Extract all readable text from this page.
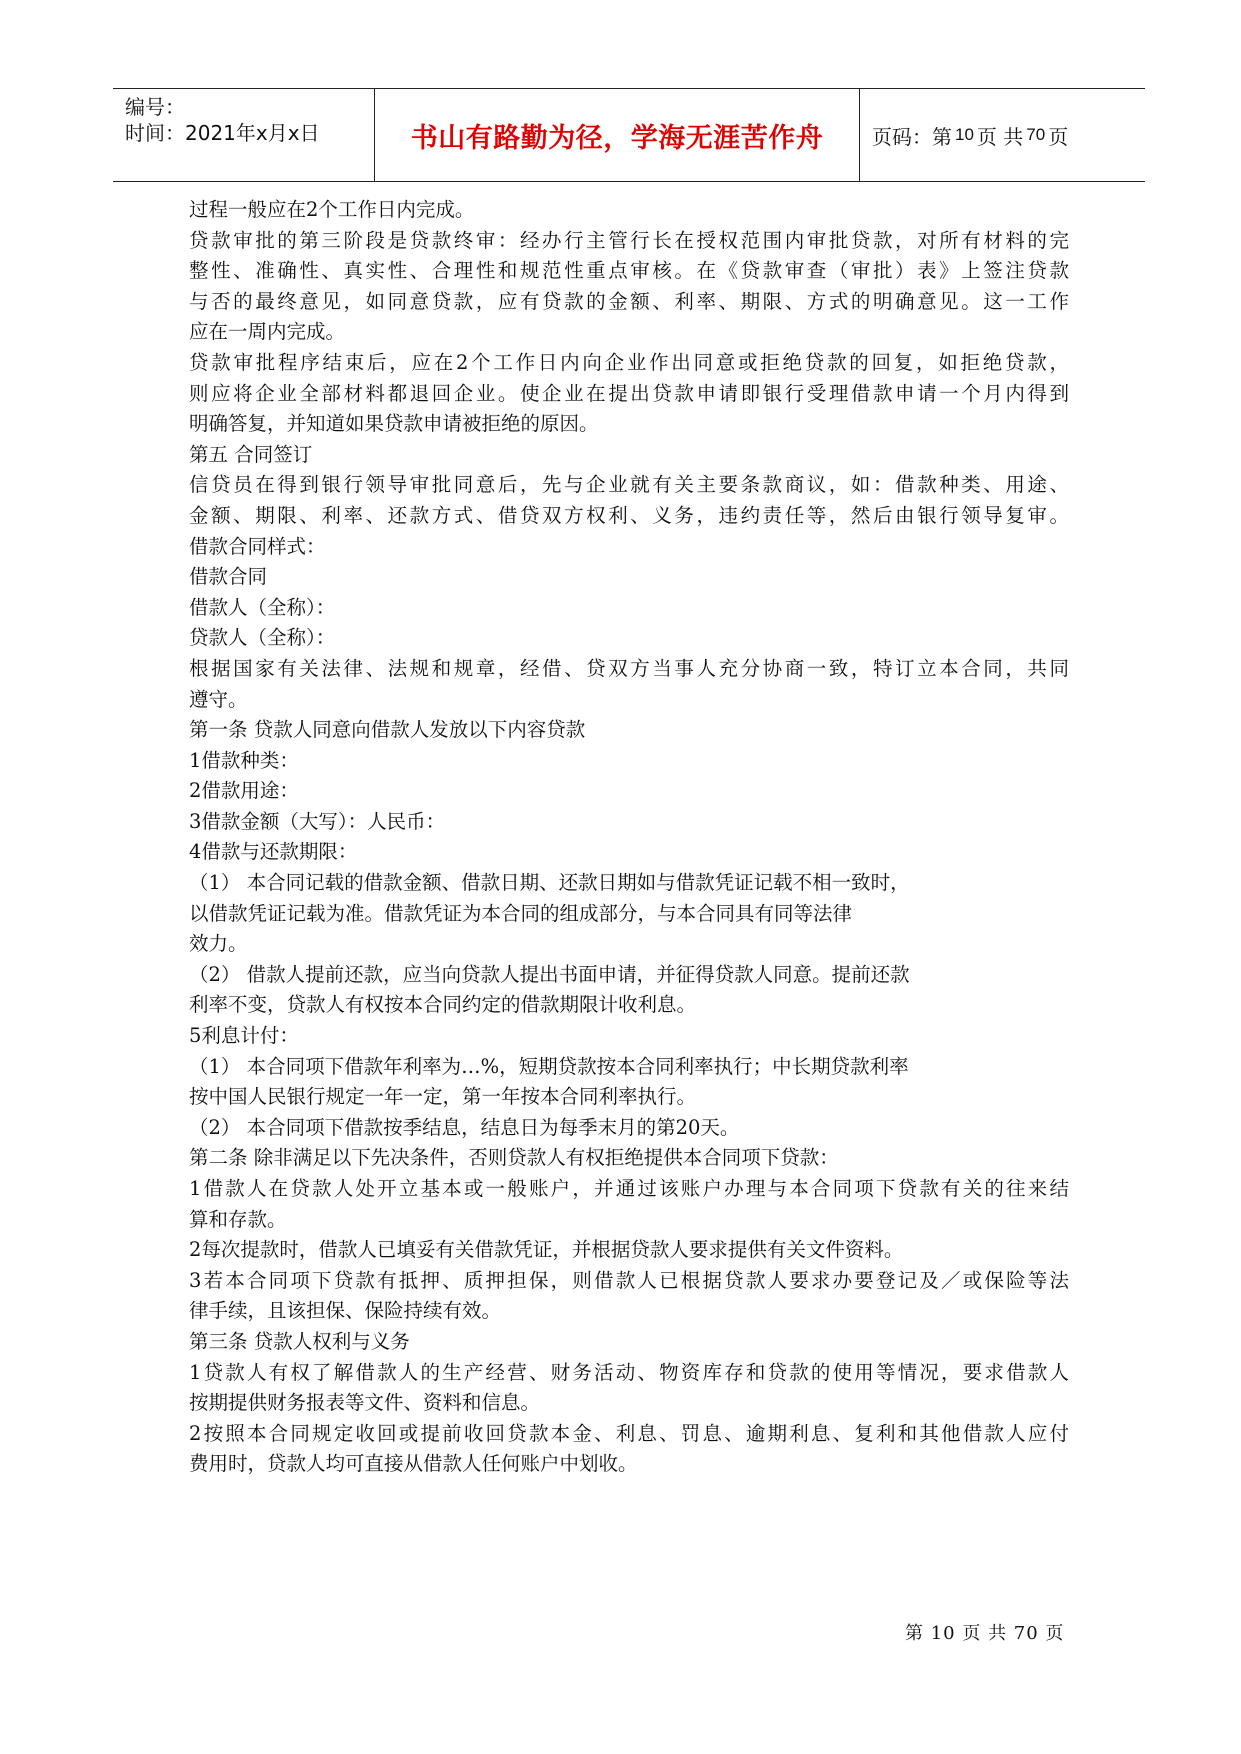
编号：
时间：2021年x月x日	书山有路勤为径，学海无涯苦作舟 页码：第 10 页 共 70 页
过程一般应在2个工作日内完成。
贷款审批的第三阶段是贷款终审：经办行主管行长在授权范围内审批贷款，对所有材料的完
整性、准确性、真实性、合理性和规范性重点审核。在《贷款审查（审批）表》上签注贷款
与否的最终意见，如同意贷款，应有贷款的金额、利率、期限、方式的明确意见。这一工作
应在一周内完成。
贷款审批程序结束后，应在2个工作日内向企业作出同意或拒绝贷款的回复，如拒绝贷款，
则应将企业全部材料都退回企业。使企业在提出贷款申请即银行受理借款申请一个月内得到
明确答复，并知道如果贷款申请被拒绝的原因。
第五 合同签订
信贷员在得到银行领导审批同意后，先与企业就有关主要条款商议，如：借款种类、用途、
金额、期限、利率、还款方式、借贷双方权利、义务，违约责任等，然后由银行领导复审。
借款合同样式：
借款合同
借款人（全称）：
贷款人（全称）：
根据国家有关法律、法规和规章，经借、贷双方当事人充分协商一致，特订立本合同，共同
遵守。
第一条 贷款人同意向借款人发放以下内容贷款
1借款种类：
2借款用途：
3借款金额（大写）：人民币：
4借款与还款期限：
（1） 本合同记载的借款金额、借款日期、还款日期如与借款凭证记载不相一致时，
以借款凭证记载为准。借款凭证为本合同的组成部分，与本合同具有同等法律
效力。
（2） 借款人提前还款，应当向贷款人提出书面申请，并征得贷款人同意。提前还款
利率不变，贷款人有权按本合同约定的借款期限计收利息。
5利息计付：
（1） 本合同项下借款年利率为…%，短期贷款按本合同利率执行；中长期贷款利率
按中国人民银行规定一年一定，第一年按本合同利率执行。
（2） 本合同项下借款按季结息，结息日为每季末月的第20天。
第二条 除非满足以下先决条件，否则贷款人有权拒绝提供本合同项下贷款：
1借款人在贷款人处开立基本或一般账户，并通过该账户办理与本合同项下贷款有关的往来结
算和存款。
2每次提款时，借款人已填妥有关借款凭证，并根据贷款人要求提供有关文件资料。
3若本合同项下贷款有抵押、质押担保，则借款人已根据贷款人要求办要登记及／或保险等法
律手续，且该担保、保险持续有效。
第三条 贷款人权利与义务
1贷款人有权了解借款人的生产经营、财务活动、物资库存和贷款的使用等情况，要求借款人
按期提供财务报表等文件、资料和信息。
2按照本合同规定收回或提前收回贷款本金、利息、罚息、逾期利息、复利和其他借款人应付
费用时，贷款人均可直接从借款人任何账户中划收。
第 10 页 共 70 页
